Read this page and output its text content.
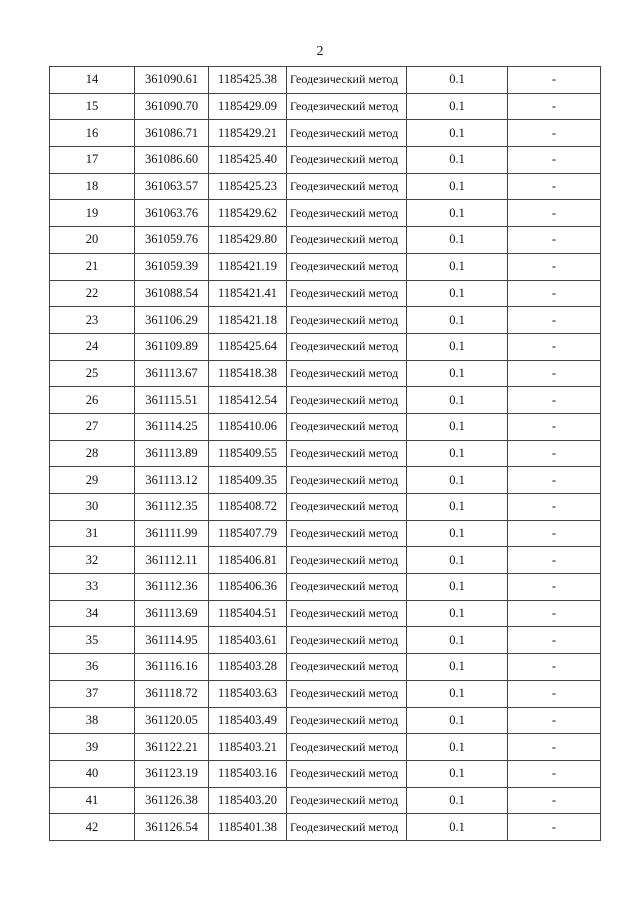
2
14	361090.61	1185425.38	Геодезический метод	0.1	-
15	361090.70	1185429.09	Геодезический метод	0.1	-
16	361086.71	1185429.21	Геодезический метод	0.1	-
17	361086.60	1185425.40	Геодезический метод	0.1	-
18	361063.57	1185425.23	Геодезический метод	0.1	-
19	361063.76	1185429.62	Геодезический метод	0.1	-
20	361059.76	1185429.80	Геодезический метод	0.1	-
21	361059.39	1185421.19	Геодезический метод	0.1	-
22	361088.54	1185421.41	Геодезический метод	0.1	-
23	361106.29	1185421.18	Геодезический метод	0.1	-
24	361109.89	1185425.64	Геодезический метод	0.1	-
25	361113.67	1185418.38	Геодезический метод	0.1	-
26	361115.51	1185412.54	Геодезический метод	0.1	-
27	361114.25	1185410.06	Геодезический метод	0.1	-
28	361113.89	1185409.55	Геодезический метод	0.1	-
29	361113.12	1185409.35	Геодезический метод	0.1	-
30	361112.35	1185408.72	Геодезический метод	0.1	-
31	361111.99	1185407.79	Геодезический метод	0.1	-
32	361112.11	1185406.81	Геодезический метод	0.1	-
33	361112.36	1185406.36	Геодезический метод	0.1	-
34	361113.69	1185404.51	Геодезический метод	0.1	-
35	361114.95	1185403.61	Геодезический метод	0.1	-
36	361116.16	1185403.28	Геодезический метод	0.1	-
37	361118.72	1185403.63	Геодезический метод	0.1	-
38	361120.05	1185403.49	Геодезический метод	0.1	-
39	361122.21	1185403.21	Геодезический метод	0.1	-
40	361123.19	1185403.16	Геодезический метод	0.1	-
41	361126.38	1185403.20	Геодезический метод	0.1	-
42	361126.54	1185401.38	Геодезический метод	0.1	-
